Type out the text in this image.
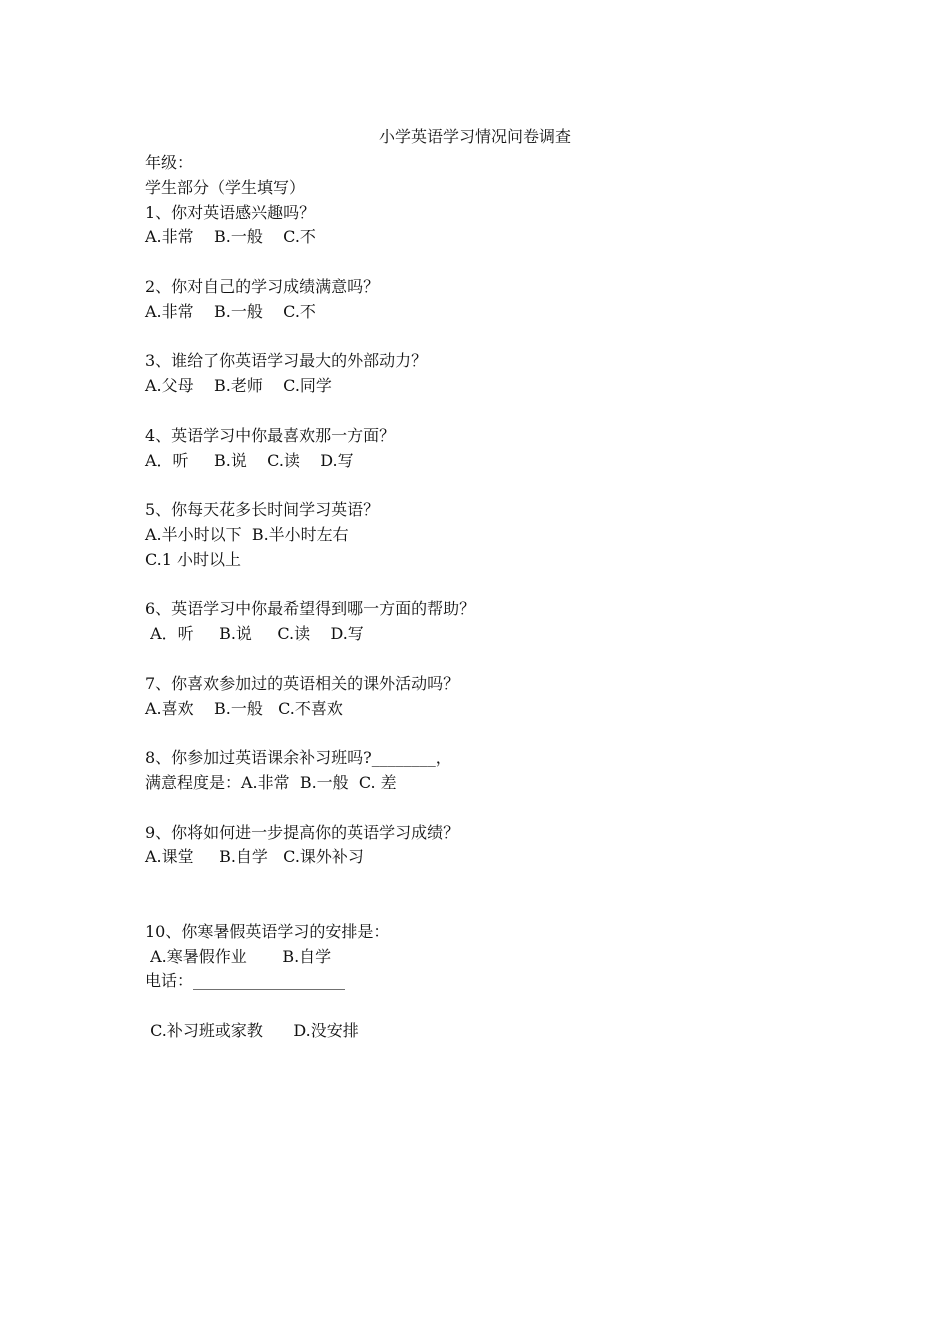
小学英语学习情况问卷调查
年级：
学生部分（学生填写）
1、你对英语感兴趣吗？
A.非常    B.一般    C.不
2、你对自己的学习成绩满意吗？
A.非常    B.一般    C.不
3、谁给了你英语学习最大的外部动力？
A.父母    B.老师    C.同学
4、英语学习中你最喜欢那一方面？
A．听     B.说    C.读    D.写
5、你每天花多长时间学习英语？
A.半小时以下  B.半小时左右
C.1 小时以上
6、英语学习中你最希望得到哪一方面的帮助？
A．听     B.说     C.读    D.写
7、你喜欢参加过的英语相关的课外活动吗？
A.喜欢    B.一般   C.不喜欢
8、你参加过英语课余补习班吗?________，
满意程度是：A.非常  B.一般  C. 差
9、你将如何进一步提高你的英语学习成绩？
A.课堂     B.自学   C.课外补习
10、你寒暑假英语学习的安排是：
A.寒暑假作业       B.自学
电话：___________________
C.补习班或家教      D.没安排
